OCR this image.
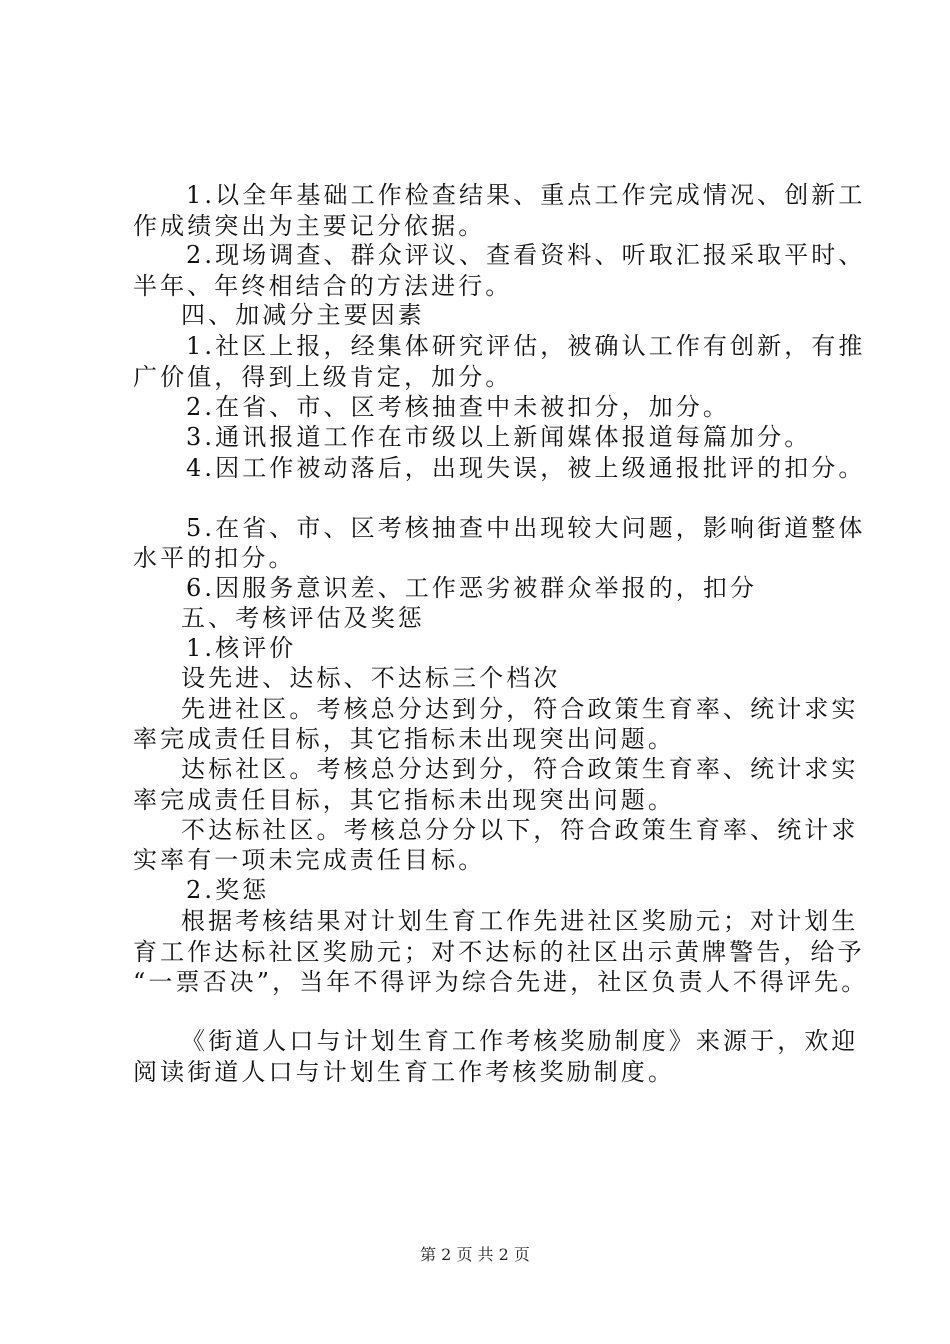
1.以全年基础工作检查结果、重点工作完成情况、创新工
作成绩突出为主要记分依据。
2.现场调查、群众评议、查看资料、听取汇报采取平时、
半年、年终相结合的方法进行。
四、加减分主要因素
1.社区上报，经集体研究评估，被确认工作有创新，有推
广价值，得到上级肯定，加分。
2.在省、市、区考核抽查中未被扣分，加分。
3.通讯报道工作在市级以上新闻媒体报道每篇加分。
4.因工作被动落后，出现失误，被上级通报批评的扣分。
5.在省、市、区考核抽查中出现较大问题，影响街道整体
水平的扣分。
6.因服务意识差、工作恶劣被群众举报的，扣分
五、考核评估及奖惩
1.核评价
设先进、达标、不达标三个档次
先进社区。考核总分达到分，符合政策生育率、统计求实
率完成责任目标，其它指标未出现突出问题。
达标社区。考核总分达到分，符合政策生育率、统计求实
率完成责任目标，其它指标未出现突出问题。
不达标社区。考核总分分以下，符合政策生育率、统计求
实率有一项未完成责任目标。
2.奖惩
根据考核结果对计划生育工作先进社区奖励元；对计划生
育工作达标社区奖励元；对不达标的社区出示黄牌警告，给予
“一票否决”，当年不得评为综合先进，社区负责人不得评先。
《街道人口与计划生育工作考核奖励制度》来源于，欢迎
阅读街道人口与计划生育工作考核奖励制度。
第 2 页 共 2 页
